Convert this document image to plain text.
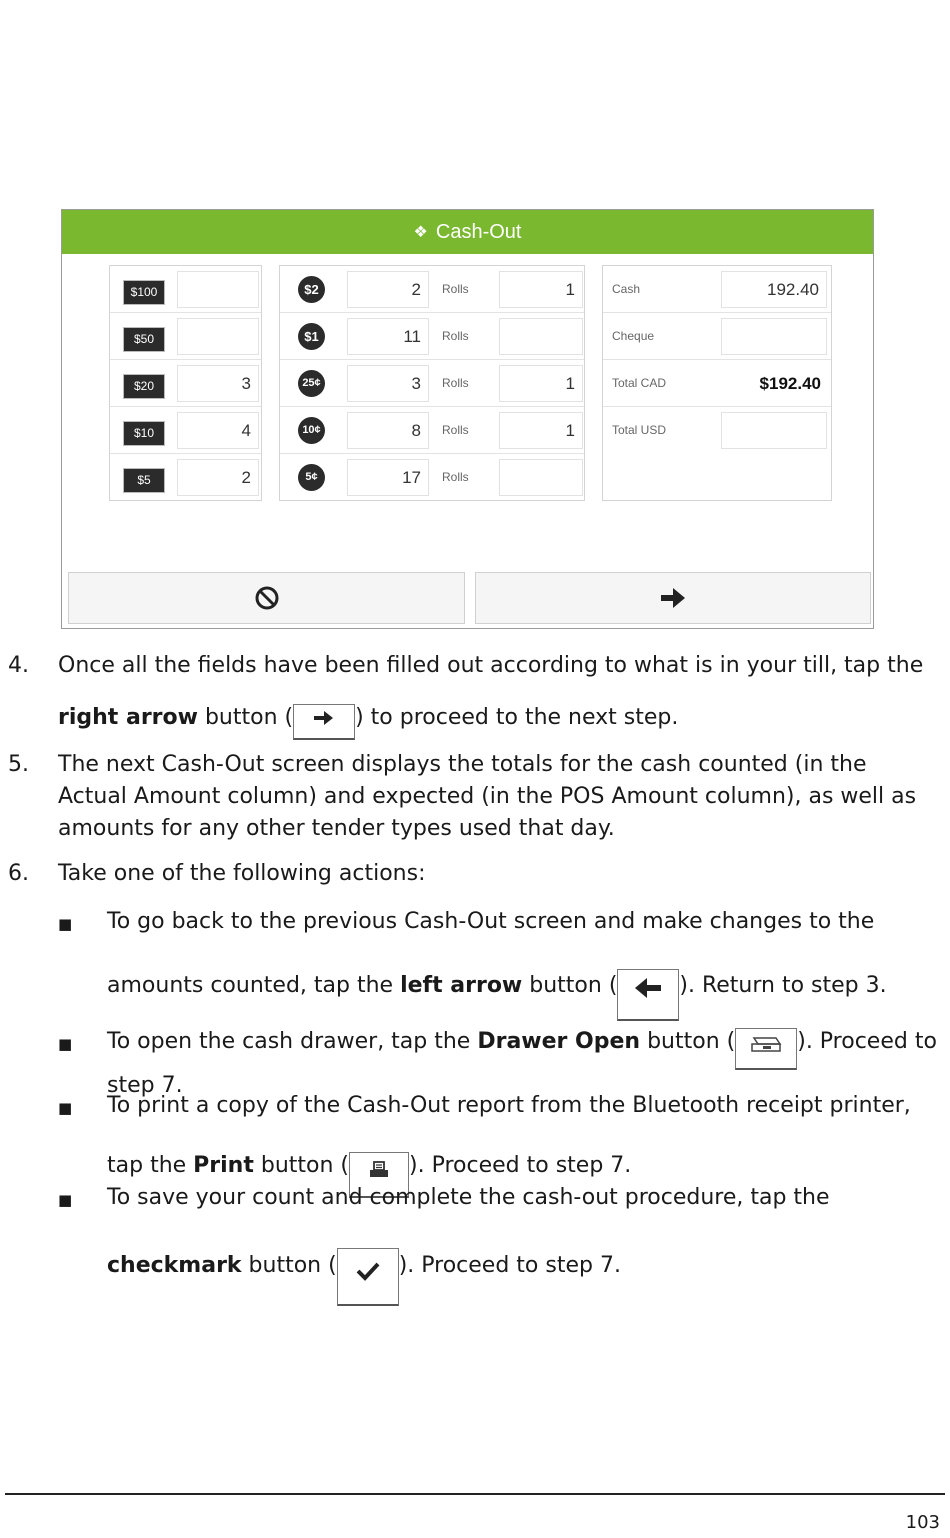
❖ Cash-Out
$100
$50
$20	3
$10	4
$5	2
$2	2	Rolls	1
$1	11	Rolls
25¢	3	Rolls	1
10¢	8	Rolls	1
5¢	17	Rolls
Cash	192.40
Cheque
Total CAD	$192.40
Total USD
4. Once all the fields have been filled out according to what is in your till, tap the right arrow button (	) to proceed to the next step.
5. The next Cash-Out screen displays the totals for the cash counted (in the Actual Amount column) and expected (in the POS Amount column), as well as amounts for any other tender types used that day.
6. Take one of the following actions:
■ To go back to the previous Cash-Out screen and make changes to the amounts counted, tap the left arrow button (	). Return to step 3.
■ To open the cash drawer, tap the Drawer Open button (	). Proceed to step 7.
■ To print a copy of the Cash-Out report from the Bluetooth receipt printer, tap the Print button (	). Proceed to step 7.
■ To save your count and complete the cash-out procedure, tap the checkmark button (	). Proceed to step 7.
103
